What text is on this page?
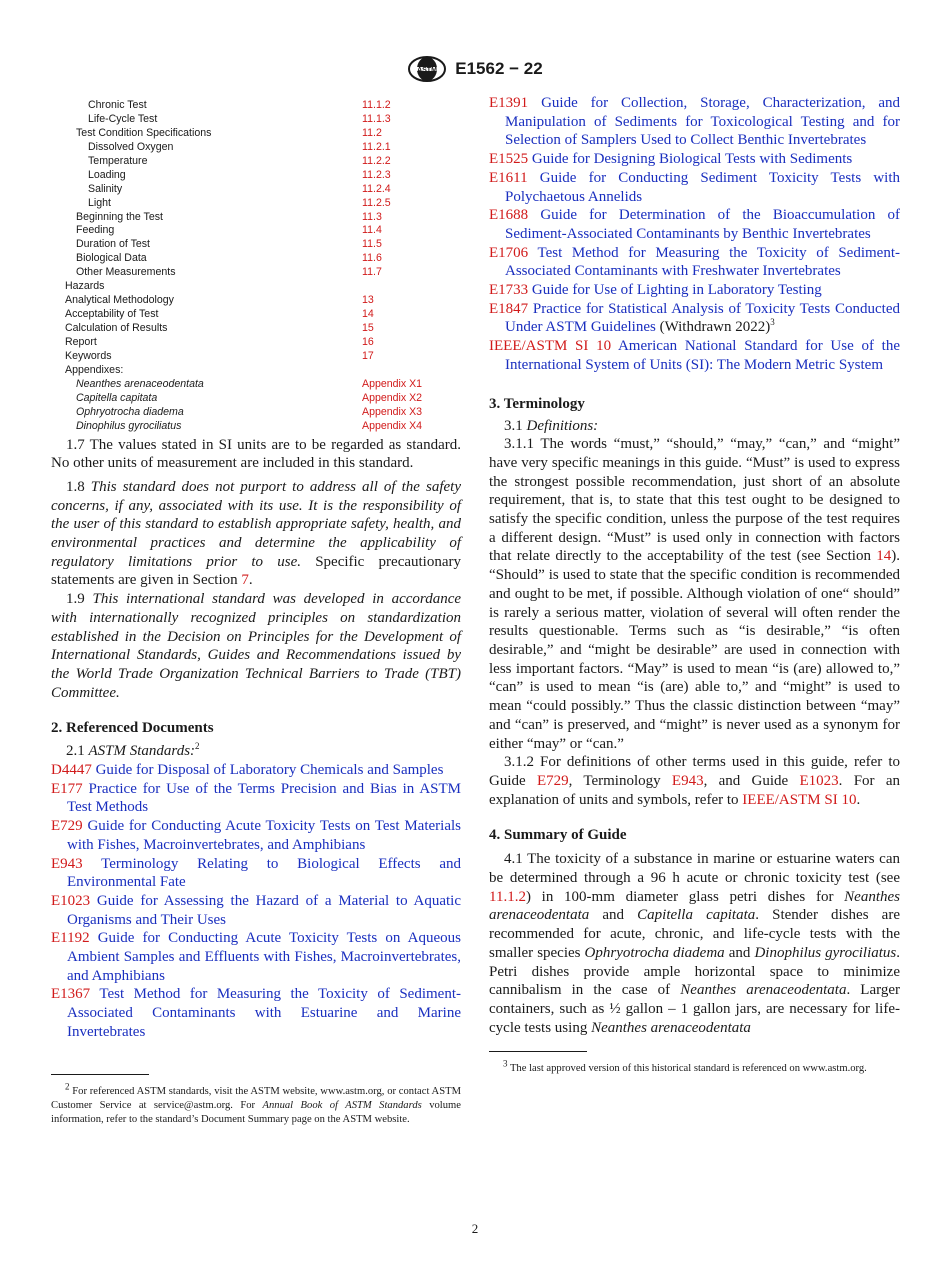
ASTM E1562 − 22
Chronic Test	11.1.2
Life-Cycle Test	11.1.3
Test Condition Specifications	11.2
Dissolved Oxygen	11.2.1
Temperature	11.2.2
Loading	11.2.3
Salinity	11.2.4
Light	11.2.5
Beginning the Test	11.3
Feeding	11.4
Duration of Test	11.5
Biological Data	11.6
Other Measurements	11.7
Hazards
Analytical Methodology	13
Acceptability of Test	14
Calculation of Results	15
Report	16
Keywords	17
Appendixes:
Neanthes arenaceodentata	Appendix X1
Capitella capitata	Appendix X2
Ophryotrocha diadema	Appendix X3
Dinophilus gyrociliatus	Appendix X4

1.7 The values stated in SI units are to be regarded as standard. No other units of measurement are included in this standard.

1.8 This standard does not purport to address all of the safety concerns, if any, associated with its use. It is the responsibility of the user of this standard to establish appropriate safety, health, and environmental practices and determine the applicability of regulatory limitations prior to use. Specific precautionary statements are given in Section 7.

1.9 This international standard was developed in accordance with internationally recognized principles on standardization established in the Decision on Principles for the Development of International Standards, Guides and Recommendations issued by the World Trade Organization Technical Barriers to Trade (TBT) Committee.

2. Referenced Documents

2.1 ASTM Standards:$^2$

D4447 Guide for Disposal of Laboratory Chemicals and Samples
E177 Practice for Use of the Terms Precision and Bias in ASTM Test Methods
E729 Guide for Conducting Acute Toxicity Tests on Test Materials with Fishes, Macroinvertebrates, and Amphibians
E943 Terminology Relating to Biological Effects and Environmental Fate
E1023 Guide for Assessing the Hazard of a Material to Aquatic Organisms and Their Uses
E1192 Guide for Conducting Acute Toxicity Tests on Aqueous Ambient Samples and Effluents with Fishes, Macroinvertebrates, and Amphibians
E1367 Test Method for Measuring the Toxicity of Sediment-Associated Contaminants with Estuarine and Marine Invertebrates

$^2$ For referenced ASTM standards, visit the ASTM website, www.astm.org, or contact ASTM Customer Service at service@astm.org. For Annual Book of ASTM Standards volume information, refer to the standard’s Document Summary page on the ASTM website.

E1391 Guide for Collection, Storage, Characterization, and Manipulation of Sediments for Toxicological Testing and for Selection of Samplers Used to Collect Benthic Invertebrates
E1525 Guide for Designing Biological Tests with Sediments
E1611 Guide for Conducting Sediment Toxicity Tests with Polychaetous Annelids
E1688 Guide for Determination of the Bioaccumulation of Sediment-Associated Contaminants by Benthic Invertebrates
E1706 Test Method for Measuring the Toxicity of Sediment-Associated Contaminants with Freshwater Invertebrates
E1733 Guide for Use of Lighting in Laboratory Testing
E1847 Practice for Statistical Analysis of Toxicity Tests Conducted Under ASTM Guidelines (Withdrawn 2022)$^3$
IEEE/ASTM SI 10 American National Standard for Use of the International System of Units (SI): The Modern Metric System
3. Terminology

3.1 Definitions:

3.1.1 The words “must,” “should,” “may,” “can,” and “might” have very specific meanings in this guide. “Must” is used to express the strongest possible recommendation, just short of an absolute requirement, that is, to state that this test ought to be designed to satisfy the specific condition, unless the purpose of the test requires a different design. “Must” is used only in connection with factors that relate directly to the acceptability of the test (see Section 14). “Should” is used to state that the specific condition is recommended and ought to be met, if possible. Although violation of one“ should” is rarely a serious matter, violation of several will often render the results questionable. Terms such as “is desirable,” “is often desirable,” and “might be desirable” are used in connection with less important factors. “May” is used to mean “is (are) allowed to,” “can” is used to mean “is (are) able to,” and “might” is used to mean “could possibly.” Thus the classic distinction between “may” and “can” is preserved, and “might” is never used as a synonym for either “may” or “can.”

3.1.2 For definitions of other terms used in this guide, refer to Guide E729, Terminology E943, and Guide E1023. For an explanation of units and symbols, refer to IEEE/ASTM SI 10.

4. Summary of Guide

4.1 The toxicity of a substance in marine or estuarine waters can be determined through a 96 h acute or chronic toxicity test (see 11.1.2) in 100-mm diameter glass petri dishes for Neanthes arenaceodentata and Capitella capitata. Stender dishes are recommended for acute, chronic, and life-cycle tests with the smaller species Ophryotrocha diadema and Dinophilus gyrociliatus. Petri dishes provide ample horizontal space to minimize cannibalism in the case of Neanthes arenaceodentata. Larger containers, such as ½ gallon – 1 gallon jars, are necessary for life-cycle tests using Neanthes arenaceodentata

$^3$ The last approved version of this historical standard is referenced on www.astm.org.

2
